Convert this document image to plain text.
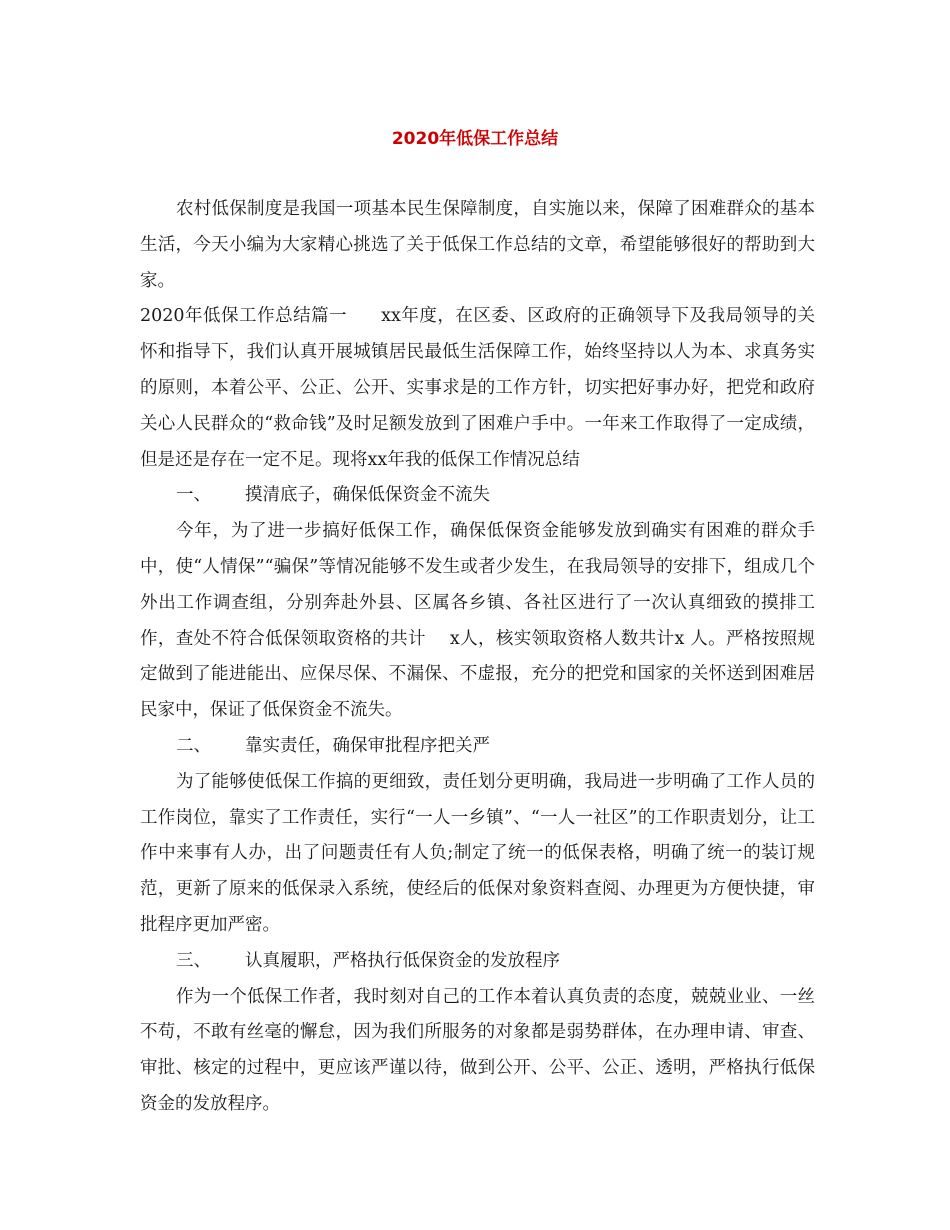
2020年低保工作总结

农村低保制度是我国一项基本民生保障制度，自实施以来，保障了困难群众的基本生活，今天小编为大家精心挑选了关于低保工作总结的文章，希望能够很好的帮助到大家。

2020年低保工作总结篇一 xx年度，在区委、区政府的正确领导下及我局领导的关怀和指导下，我们认真开展城镇居民最低生活保障工作，始终坚持以人为本、求真务实的原则，本着公平、公正、公开、实事求是的工作方针，切实把好事办好，把党和政府关心人民群众的“救命钱”及时足额发放到了困难户手中。一年来工作取得了一定成绩，但是还是存在一定不足。现将xx年我的低保工作情况总结

一、 摸清底子，确保低保资金不流失

今年，为了进一步搞好低保工作，确保低保资金能够发放到确实有困难的群众手中，使“人情保”“骗保”等情况能够不发生或者少发生，在我局领导的安排下，组成几个外出工作调查组，分别奔赴外县、区属各乡镇、各社区进行了一次认真细致的摸排工作，查处不符合低保领取资格的共计 x人，核实领取资格人数共计x 人。严格按照规定做到了能进能出、应保尽保、不漏保、不虚报，充分的把党和国家的关怀送到困难居民家中，保证了低保资金不流失。

二、 靠实责任，确保审批程序把关严

为了能够使低保工作搞的更细致，责任划分更明确，我局进一步明确了工作人员的工作岗位，靠实了工作责任，实行“一人一乡镇”、“一人一社区”的工作职责划分，让工作中来事有人办，出了问题责任有人负;制定了统一的低保表格，明确了统一的装订规范，更新了原来的低保录入系统，使经后的低保对象资料查阅、办理更为方便快捷，审批程序更加严密。

三、 认真履职，严格执行低保资金的发放程序

作为一个低保工作者，我时刻对自己的工作本着认真负责的态度，兢兢业业、一丝不苟，不敢有丝毫的懈怠，因为我们所服务的对象都是弱势群体，在办理申请、审查、审批、核定的过程中，更应该严谨以待，做到公开、公平、公正、透明，严格执行低保资金的发放程序。
